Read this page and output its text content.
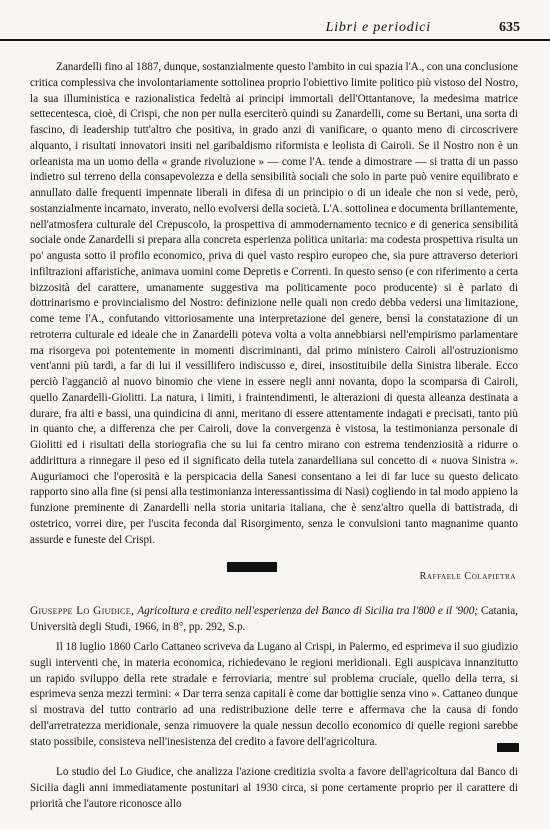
Libri e periodici	635

Zanardelli fino al 1887, dunque, sostanzialmente questo l'ambito in cui spazia l'A., con una conclusione critica complessiva che involontariamente sottolinea proprio l'obiettivo limite politico più vistoso del Nostro, la sua illuministica e razionalistica fedeltà ai principi immortali dell'Ottantanove, la medesima matrice settecentesca, cioè, di Crispi, che non per nulla eserciterò quindi su Zanardelli, come su Bertani, una sorta di fascino, di leadership tutt'altro che positiva, in grado anzi di vanificare, o quanto meno di circoscrivere alquanto, i risultati innovatori insiti nel garibaldismo riformista e leolista di Cairoli. Se il Nostro non è un orleanista ma un uomo della « grande rivoluzione » — come l'A. tende a dimostrare — si tratta di un passo indietro sul terreno della consapevolezza e della sensibilità sociali che solo in parte può venire equilibrato e annullato dalle frequenti impennate liberali in difesa di un principio o di un ideale che non si vede, però, sostanzialmente incarnato, inverato, nello evolversi della società. L'A. sottolinea e documenta brillantemente, nell'atmosfera culturale del Crepuscolo, la prospettiva di ammodernamento tecnico e di generica sensibilità sociale onde Zanardelli si prepara alla concreta esperienza politica unitaria: ma codesta prospettiva risulta un po' angusta sotto il profilo economico, priva di quel vasto respiro europeo che, sia pure attraverso deteriori infiltrazioni affaristiche, animava uomini come Depretis e Correnti. In questo senso (e con riferimento a certa bizzosità del carattere, umanamente suggestiva ma politicamente poco producente) si è parlato di dottrinarismo e provincialismo del Nostro: definizione nelle quali non credo debba vedersi una limitazione, come teme l'A., confutando vittoriosamente una interpretazione del genere, bensì la constatazione di un retroterra culturale ed ideale che in Zanardelli poteva volta a volta annebbiarsi nell'empirismo parlamentare ma risorgeva poi potentemente in momenti discriminanti, dal primo ministero Cairoli all'ostruzionismo vent'anni più tardi, a far di lui il vessillifero indiscusso e, direi, insostituibile della Sinistra liberale. Ecco perciò l'agganciò al nuovo binomio che viene in essere negli anni novanta, dopo la scomparsa di Cairoli, quello Zanardelli-Giolitti. La natura, i limiti, i fraintendimenti, le alterazioni di questa alleanza destinata a durare, fra alti e bassi, una quindicina di anni, meritano di essere attentamente indagati e precisati, tanto più in quanto che, a differenza che per Cairoli, dove la convergenza è vistosa, la testimonianza personale di Giolitti ed i risultati della storiografia che su lui fa centro mirano con estrema tendenziosità a ridurre o addirittura a rinnegare il peso ed il significato della tutela zanardelliana sul concetto di « nuova Sinistra ». Auguriamoci che l'operosità e la perspicacia della Sanesi consentano a lei di far luce su questo delicato rapporto sino alla fine (si pensi alla testimonianza interessantissima di Nasi) cogliendo in tal modo appieno la funzione preminente di Zanardelli nella storia unitaria italiana, che è senz'altro quella di battistrada, di ostetrico, vorrei dire, per l'uscita feconda dal Risorgimento, senza le convulsioni tanto magnanime quanto assurde e funeste del Crispi.

Raffaele Colapietra
Giuseppe Lo Giudice, Agricoltura e credito nell'esperienza del Banco di Sicilia tra l'800 e il '900; Catania, Università degli Studi, 1966, in 8°, pp. 292, S.p.

Il 18 luglio 1860 Carlo Cattaneo scriveva da Lugano al Crispi, in Palermo, ed esprimeva il suo giudizio sugli interventi che, in materia economica, richiedevano le regioni meridionali. Egli auspicava innanzitutto un rapido sviluppo della rete stradale e ferroviaria, mentre sul problema cruciale, quello della terra, si esprimeva senza mezzi termini: « Dar terra senza capitali è come dar bottiglie senza vino ». Cattaneo dunque si mostrava del tutto contrario ad una redistribuzione delle terre e affermava che la causa di fondo dell'arretratezza meridionale, senza rimuovere la quale nessun decollo economico di quelle regioni sarebbe stato possibile, consisteva nell'inesistenza del credito a favore dell'agricoltura.

Lo studio del Lo Giudice, che analizza l'azione creditizia svolta a favore dell'agricoltura dal Banco di Sicilia dagli anni immediatamente postunitari al 1930 circa, si pone certamente proprio per il carattere di priorità che l'autore riconosce allo
